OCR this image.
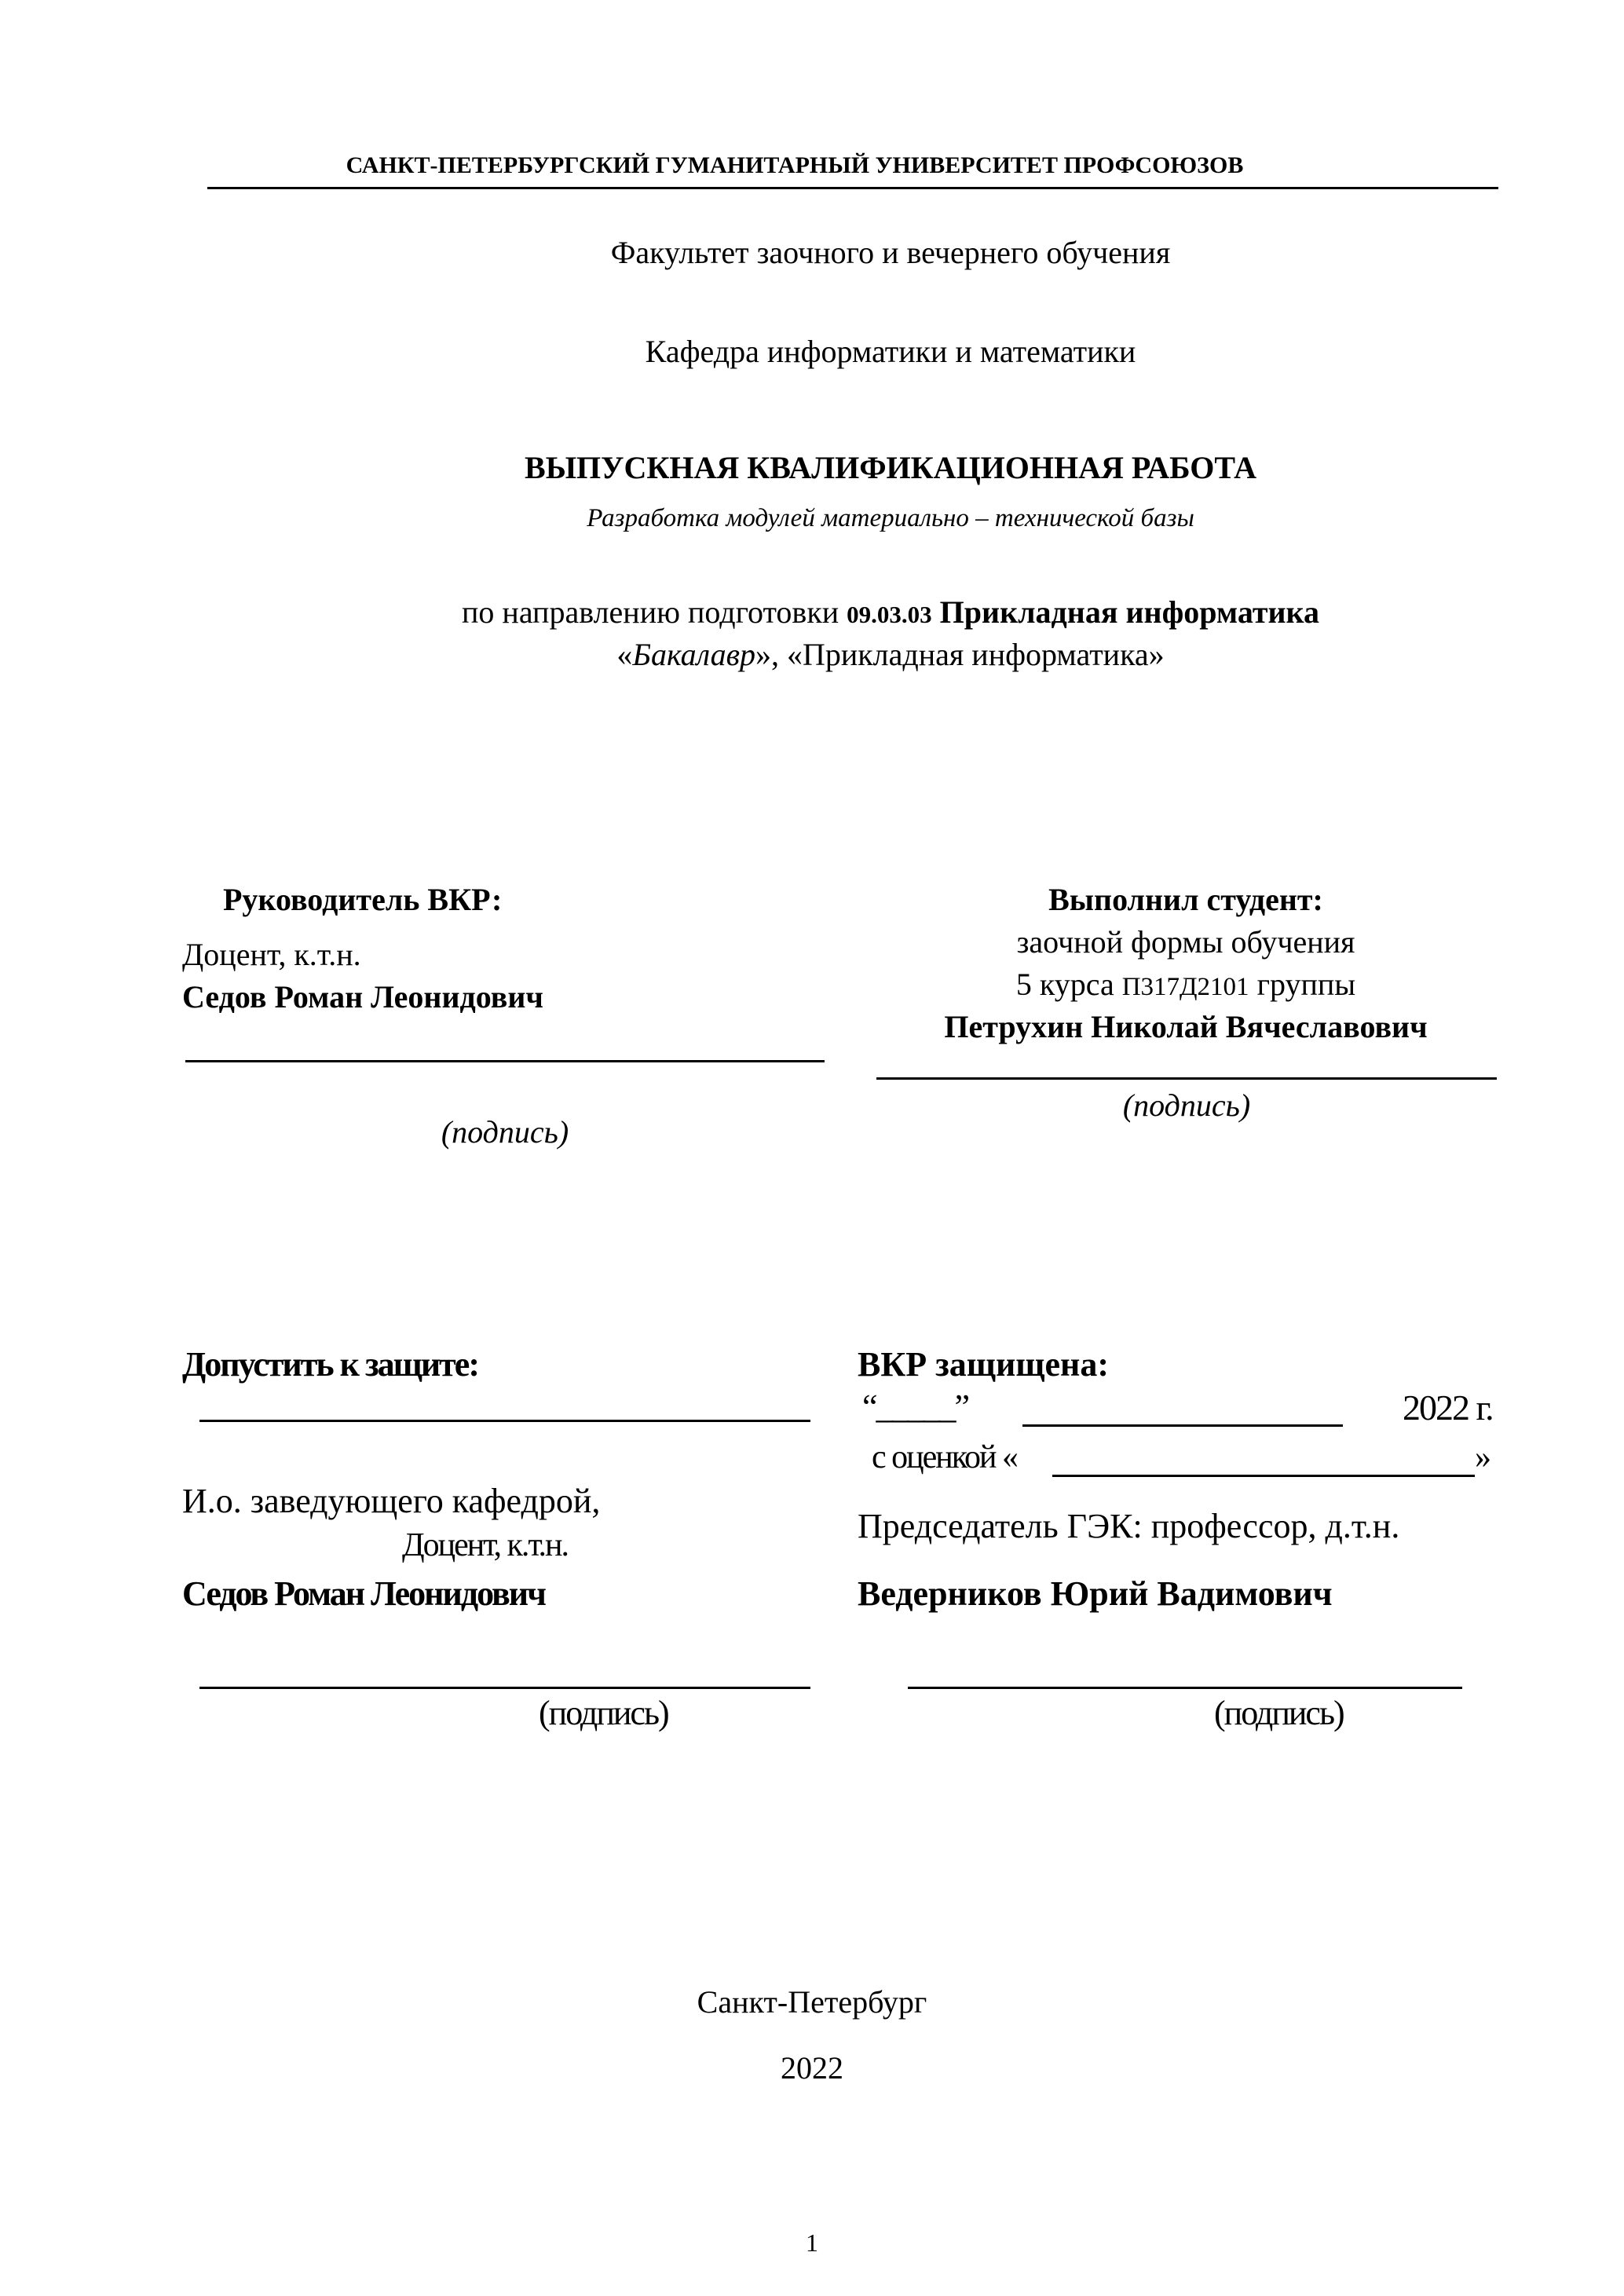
САНКТ-ПЕТЕРБУРГСКИЙ ГУМАНИТАРНЫЙ УНИВЕРСИТЕТ ПРОФСОЮЗОВ
Факультет заочного и вечернего обучения
Кафедра информатики и математики
ВЫПУСКНАЯ КВАЛИФИКАЦИОННАЯ РАБОТА
Разработка модулей материально – технической базы
по направлению подготовки 09.03.03 Прикладная информатика
«Бакалавр», «Прикладная информатика»
Руководитель ВКР:
Доцент, к.т.н.
Седов Роман Леонидович
(подпись)
Выполнил студент:
заочной формы обучения
5 курса П317Д2101 группы
Петрухин Николай Вячеславович
(подпись)
Допустить к защите:
И.о. заведующего кафедрой,
Доцент, к.т.н.
Седов Роман Леонидович
(подпись)
ВКР защищена:
“_____”	2022 г.
с оценкой «	»
Председатель ГЭК: профессор, д.т.н.
Ведерников Юрий Вадимович
(подпись)
Санкт-Петербург
2022
1
